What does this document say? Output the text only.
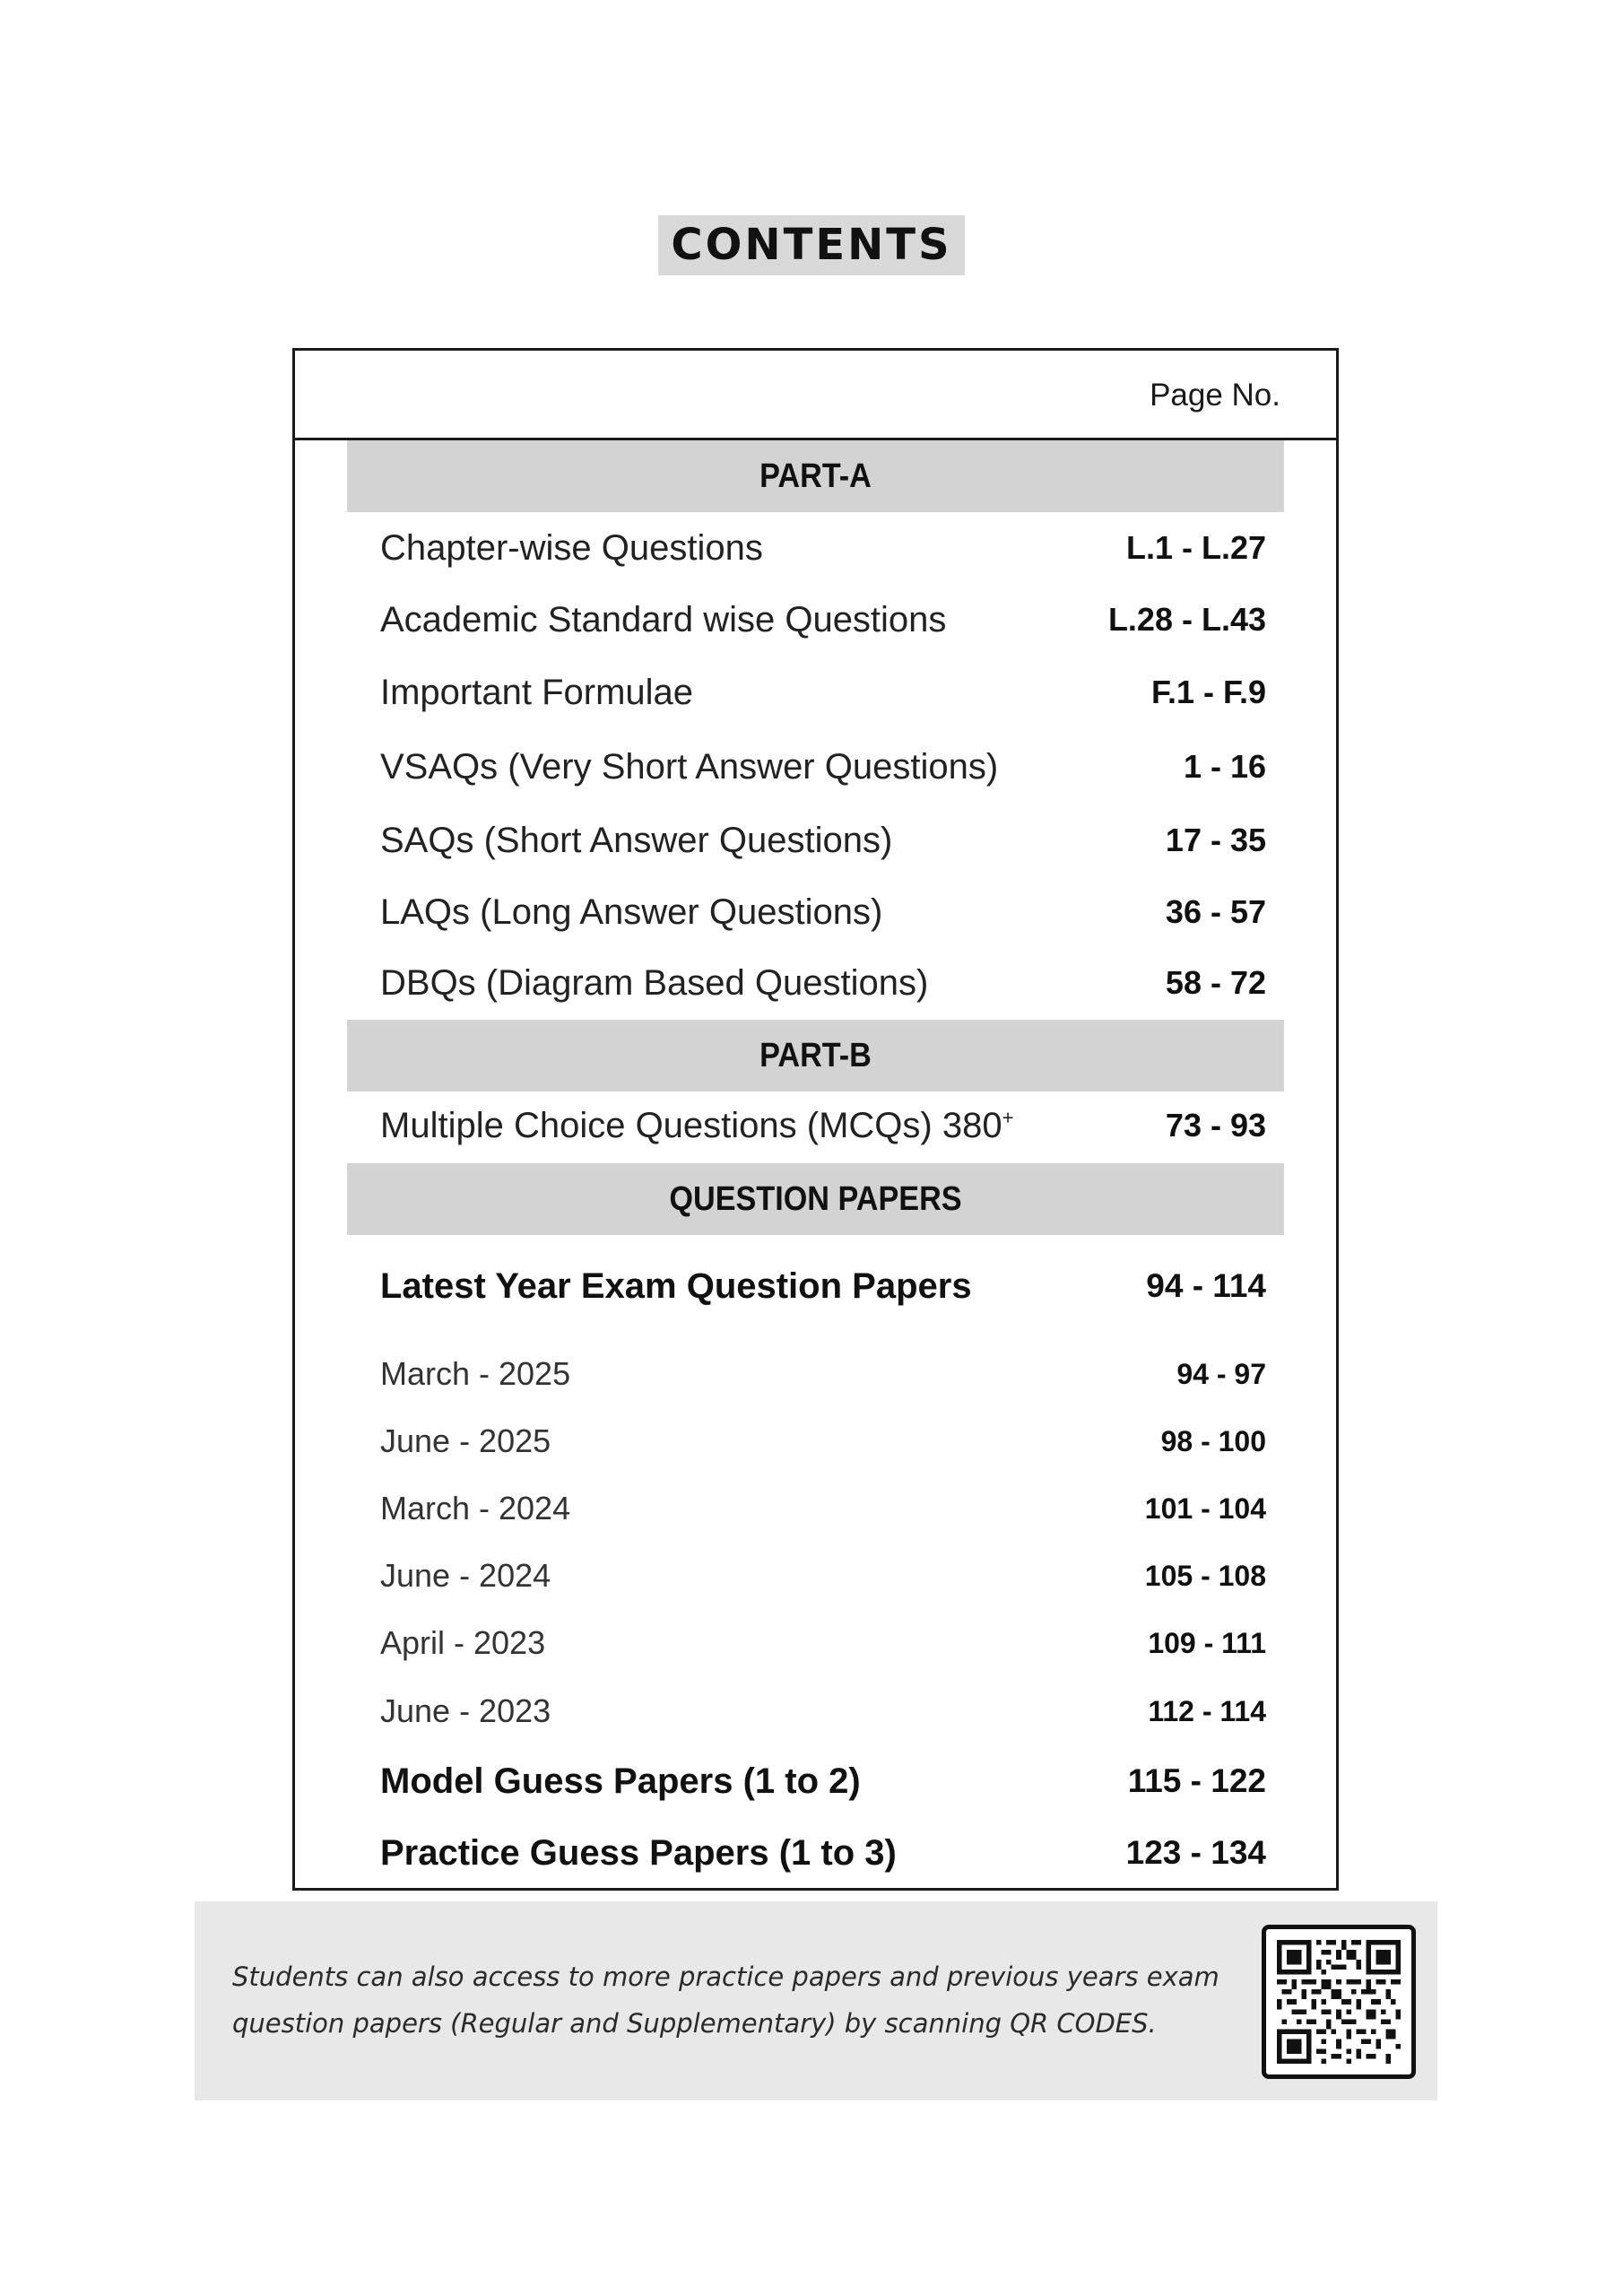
CONTENTS
Page No.
PART-A
Chapter-wise Questions	L.1 - L.27
Academic Standard wise Questions	L.28 - L.43
Important Formulae	F.1 - F.9
VSAQs (Very Short Answer Questions)	1 - 16
SAQs (Short Answer Questions)	17 - 35
LAQs (Long Answer Questions)	36 - 57
DBQs (Diagram Based Questions)	58 - 72
PART-B
Multiple Choice Questions (MCQs) 380+	73 - 93
QUESTION PAPERS
Latest Year Exam Question Papers	94 - 114
March - 2025	94 - 97
June - 2025	98 - 100
March - 2024	101 - 104
June - 2024	105 - 108
April - 2023	109 - 111
June - 2023	112 - 114
Model Guess Papers (1 to 2)	115 - 122
Practice Guess Papers (1 to 3)	123 - 134
Students can also access to more practice papers and previous years exam question papers (Regular and Supplementary) by scanning QR CODES.
